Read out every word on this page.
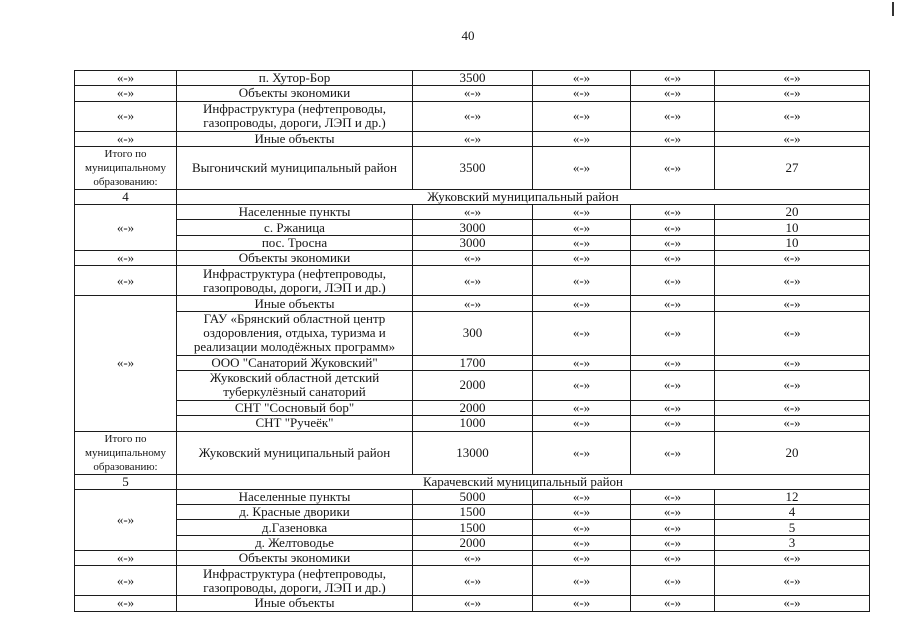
40
«-»	п. Хутор-Бор	3500	«-»	«-»	«-»
«-»	Объекты экономики	«-»	«-»	«-»	«-»
«-»	Инфраструктура (нефтепроводы, газопроводы, дороги, ЛЭП и др.)	«-»	«-»	«-»	«-»
«-»	Иные объекты	«-»	«-»	«-»	«-»
Итого по муниципальному образованию:	Выгоничский муниципальный район	3500	«-»	«-»	27
4	Жуковский муниципальный район				
«-»	Населенные пункты	«-»	«-»	«-»	20
	с. Ржаница	3000	«-»	«-»	10
	пос. Тросна	3000	«-»	«-»	10
«-»	Объекты экономики	«-»	«-»	«-»	«-»
«-»	Инфраструктура (нефтепроводы, газопроводы, дороги, ЛЭП и др.)	«-»	«-»	«-»	«-»
«-»	Иные объекты	«-»	«-»	«-»	«-»
	ГАУ «Брянский областной центр оздоровления, отдыха, туризма и реализации молодёжных программ»	300	«-»	«-»	«-»
	ООО "Санаторий Жуковский"	1700	«-»	«-»	«-»
	Жуковский областной детский туберкулёзный санаторий	2000	«-»	«-»	«-»
	СНТ "Сосновый бор"	2000	«-»	«-»	«-»
	СНТ "Ручеёк"	1000	«-»	«-»	«-»
Итого по муниципальному образованию:	Жуковский муниципальный район	13000	«-»	«-»	20
5	Карачевский муниципальный район				
«-»	Населенные пункты	5000	«-»	«-»	12
	д. Красные дворики	1500	«-»	«-»	4
	д.Газеновка	1500	«-»	«-»	5
	д. Желтоводье	2000	«-»	«-»	3
«-»	Объекты экономики	«-»	«-»	«-»	«-»
«-»	Инфраструктура (нефтепроводы, газопроводы, дороги, ЛЭП и др.)	«-»	«-»	«-»	«-»
«-»	Иные объекты	«-»	«-»	«-»	«-»
